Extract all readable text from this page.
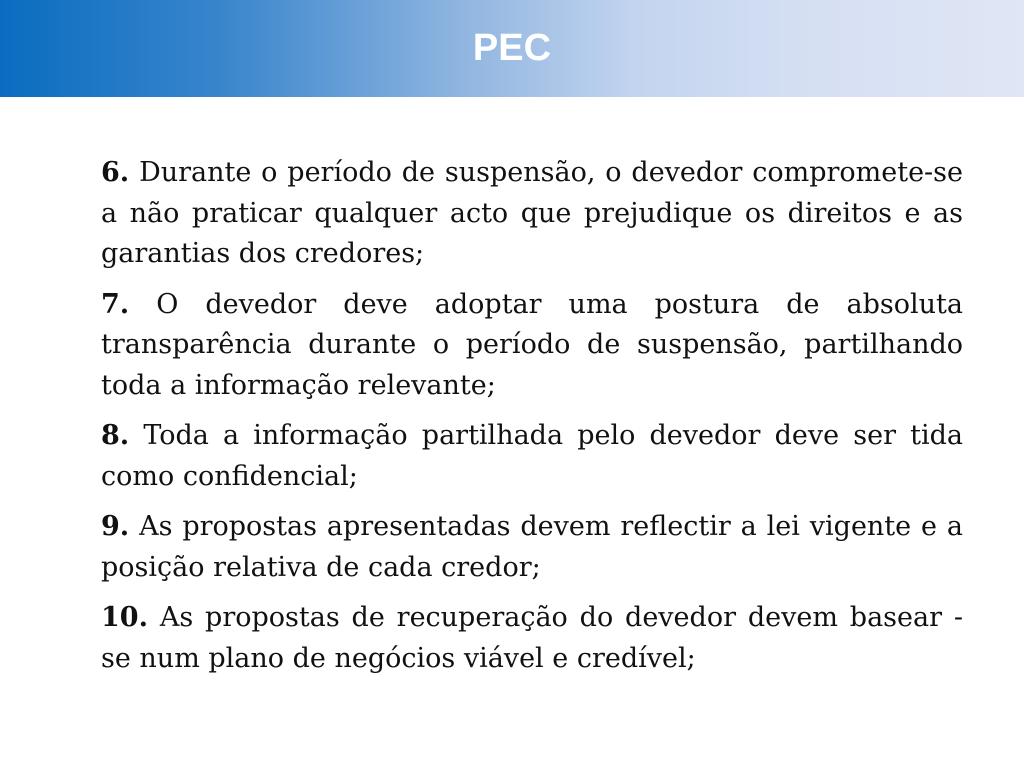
PEC

6. Durante o período de suspensão, o devedor compromete-se a não praticar qualquer acto que prejudique os direitos e as garantias dos credores;

7. O devedor deve adoptar uma postura de absoluta transparência durante o período de suspensão, partilhando toda a informação relevante;

8. Toda a informação partilhada pelo devedor deve ser tida como confidencial;

9. As propostas apresentadas devem reflectir a lei vigente e a posição relativa de cada credor;

10. As propostas de recuperação do devedor devem basear -se num plano de negócios viável e credível;
